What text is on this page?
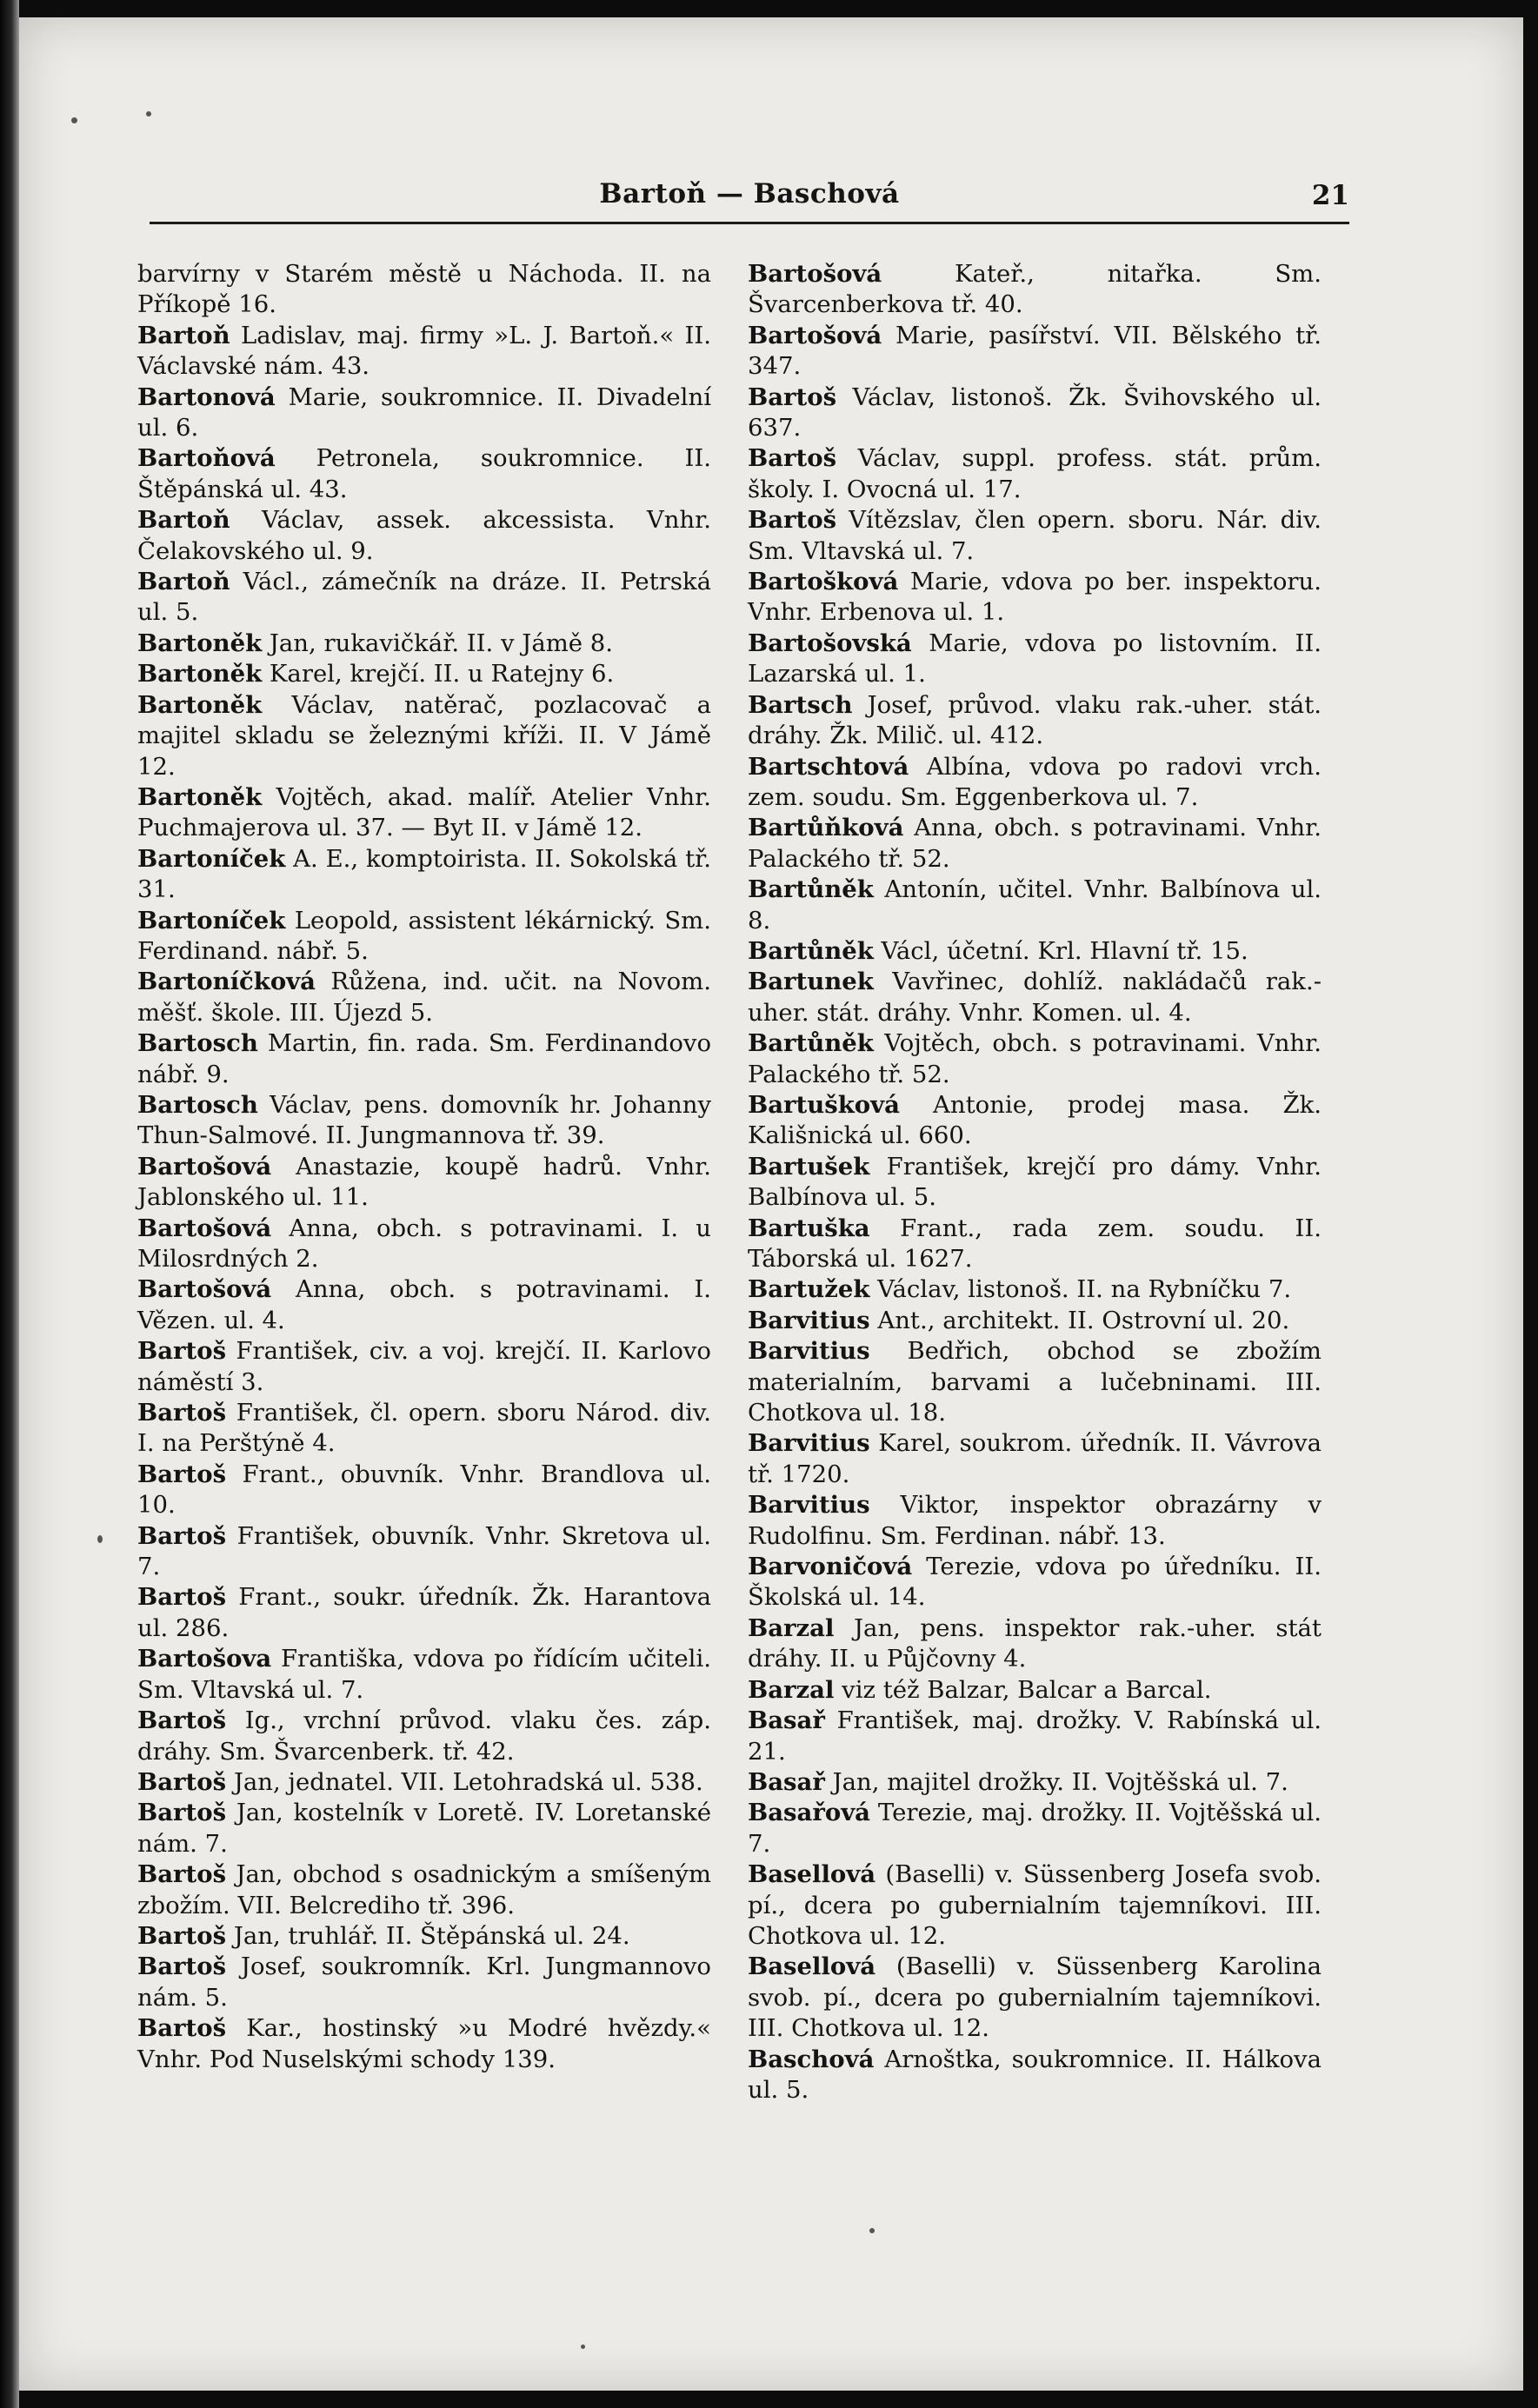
Bartoň — Baschová	21

barvírny v Starém městě u Náchoda. II. na Příkopě 16.

Bartoň Ladislav, maj. firmy »L. J. Bartoň.« II. Václavské nám. 43.

Bartonová Marie, soukromnice. II. Divadelní ul. 6.

Bartoňová Petronela, soukromnice. II. Štěpánská ul. 43.

Bartoň Václav, assek. akcessista. Vnhr. Čelakovského ul. 9.

Bartoň Václ., zámečník na dráze. II. Petrská ul. 5.

Bartoněk Jan, rukavičkář. II. v Jámě 8.

Bartoněk Karel, krejčí. II. u Ratejny 6.

Bartoněk Václav, natěrač, pozlacovač a majitel skladu se železnými kříži. II. V Jámě 12.

Bartoněk Vojtěch, akad. malíř. Atelier Vnhr. Puchmajerova ul. 37. — Byt II. v Jámě 12.

Bartoníček A. E., komptoirista. II. Sokolská tř. 31.

Bartoníček Leopold, assistent lékárnický. Sm. Ferdinand. nábř. 5.

Bartoníčková Růžena, ind. učit. na Novom. měšť. škole. III. Újezd 5.

Bartosch Martin, fin. rada. Sm. Ferdinandovo nábř. 9.

Bartosch Václav, pens. domovník hr. Johanny Thun-Salmové. II. Jungmannova tř. 39.

Bartošová Anastazie, koupě hadrů. Vnhr. Jablonského ul. 11.

Bartošová Anna, obch. s potravinami. I. u Milosrdných 2.

Bartošová Anna, obch. s potravinami. I. Vězen. ul. 4.

Bartoš František, civ. a voj. krejčí. II. Karlovo náměstí 3.

Bartoš František, čl. opern. sboru Národ. div. I. na Perštýně 4.

Bartoš Frant., obuvník. Vnhr. Brandlova ul. 10.

Bartoš František, obuvník. Vnhr. Skretova ul. 7.

Bartoš Frant., soukr. úředník. Žk. Harantova ul. 286.

Bartošova Františka, vdova po řídícím učiteli. Sm. Vltavská ul. 7.

Bartoš Ig., vrchní průvod. vlaku čes. záp. dráhy. Sm. Švarcenberk. tř. 42.

Bartoš Jan, jednatel. VII. Letohradská ul. 538.

Bartoš Jan, kostelník v Loretě. IV. Loretanské nám. 7.

Bartoš Jan, obchod s osadnickým a smíšeným zbožím. VII. Belcrediho tř. 396.

Bartoš Jan, truhlář. II. Štěpánská ul. 24.

Bartoš Josef, soukromník. Krl. Jungmannovo nám. 5.

Bartoš Kar., hostinský »u Modré hvězdy.« Vnhr. Pod Nuselskými schody 139.

Bartošová Kateř., nitařka. Sm. Švarcenberkova tř. 40.

Bartošová Marie, pasířství. VII. Bělského tř. 347.

Bartoš Václav, listonoš. Žk. Švihovského ul. 637.

Bartoš Václav, suppl. profess. stát. prům. školy. I. Ovocná ul. 17.

Bartoš Vítězslav, člen opern. sboru. Nár. div. Sm. Vltavská ul. 7.

Bartošková Marie, vdova po ber. inspektoru. Vnhr. Erbenova ul. 1.

Bartošovská Marie, vdova po listovním. II. Lazarská ul. 1.

Bartsch Josef, průvod. vlaku rak.-uher. stát. dráhy. Žk. Milič. ul. 412.

Bartschtová Albína, vdova po radovi vrch. zem. soudu. Sm. Eggenberkova ul. 7.

Bartůňková Anna, obch. s potravinami. Vnhr. Palackého tř. 52.

Bartůněk Antonín, učitel. Vnhr. Balbínova ul. 8.

Bartůněk Václ, účetní. Krl. Hlavní tř. 15.

Bartunek Vavřinec, dohlíž. nakládačů rak.-uher. stát. dráhy. Vnhr. Komen. ul. 4.

Bartůněk Vojtěch, obch. s potravinami. Vnhr. Palackého tř. 52.

Bartušková Antonie, prodej masa. Žk. Kališnická ul. 660.

Bartušek František, krejčí pro dámy. Vnhr. Balbínova ul. 5.

Bartuška Frant., rada zem. soudu. II. Táborská ul. 1627.

Bartužek Václav, listonoš. II. na Rybníčku 7.

Barvitius Ant., architekt. II. Ostrovní ul. 20.

Barvitius Bedřich, obchod se zbožím materialním, barvami a lučebninami. III. Chotkova ul. 18.

Barvitius Karel, soukrom. úředník. II. Vávrova tř. 1720.

Barvitius Viktor, inspektor obrazárny v Rudolfinu. Sm. Ferdinan. nábř. 13.

Barvoničová Terezie, vdova po úředníku. II. Školská ul. 14.

Barzal Jan, pens. inspektor rak.-uher. stát dráhy. II. u Půjčovny 4.

Barzal viz též Balzar, Balcar a Barcal.

Basař František, maj. drožky. V. Rabínská ul. 21.

Basař Jan, majitel drožky. II. Vojtěšská ul. 7.

Basařová Terezie, maj. drožky. II. Vojtěšská ul. 7.

Basellová (Baselli) v. Süssenberg Josefa svob. pí., dcera po gubernialním tajemníkovi. III. Chotkova ul. 12.

Basellová (Baselli) v. Süssenberg Karolina svob. pí., dcera po gubernialním tajemníkovi. III. Chotkova ul. 12.

Baschová Arnoštka, soukromnice. II. Hálkova ul. 5.
